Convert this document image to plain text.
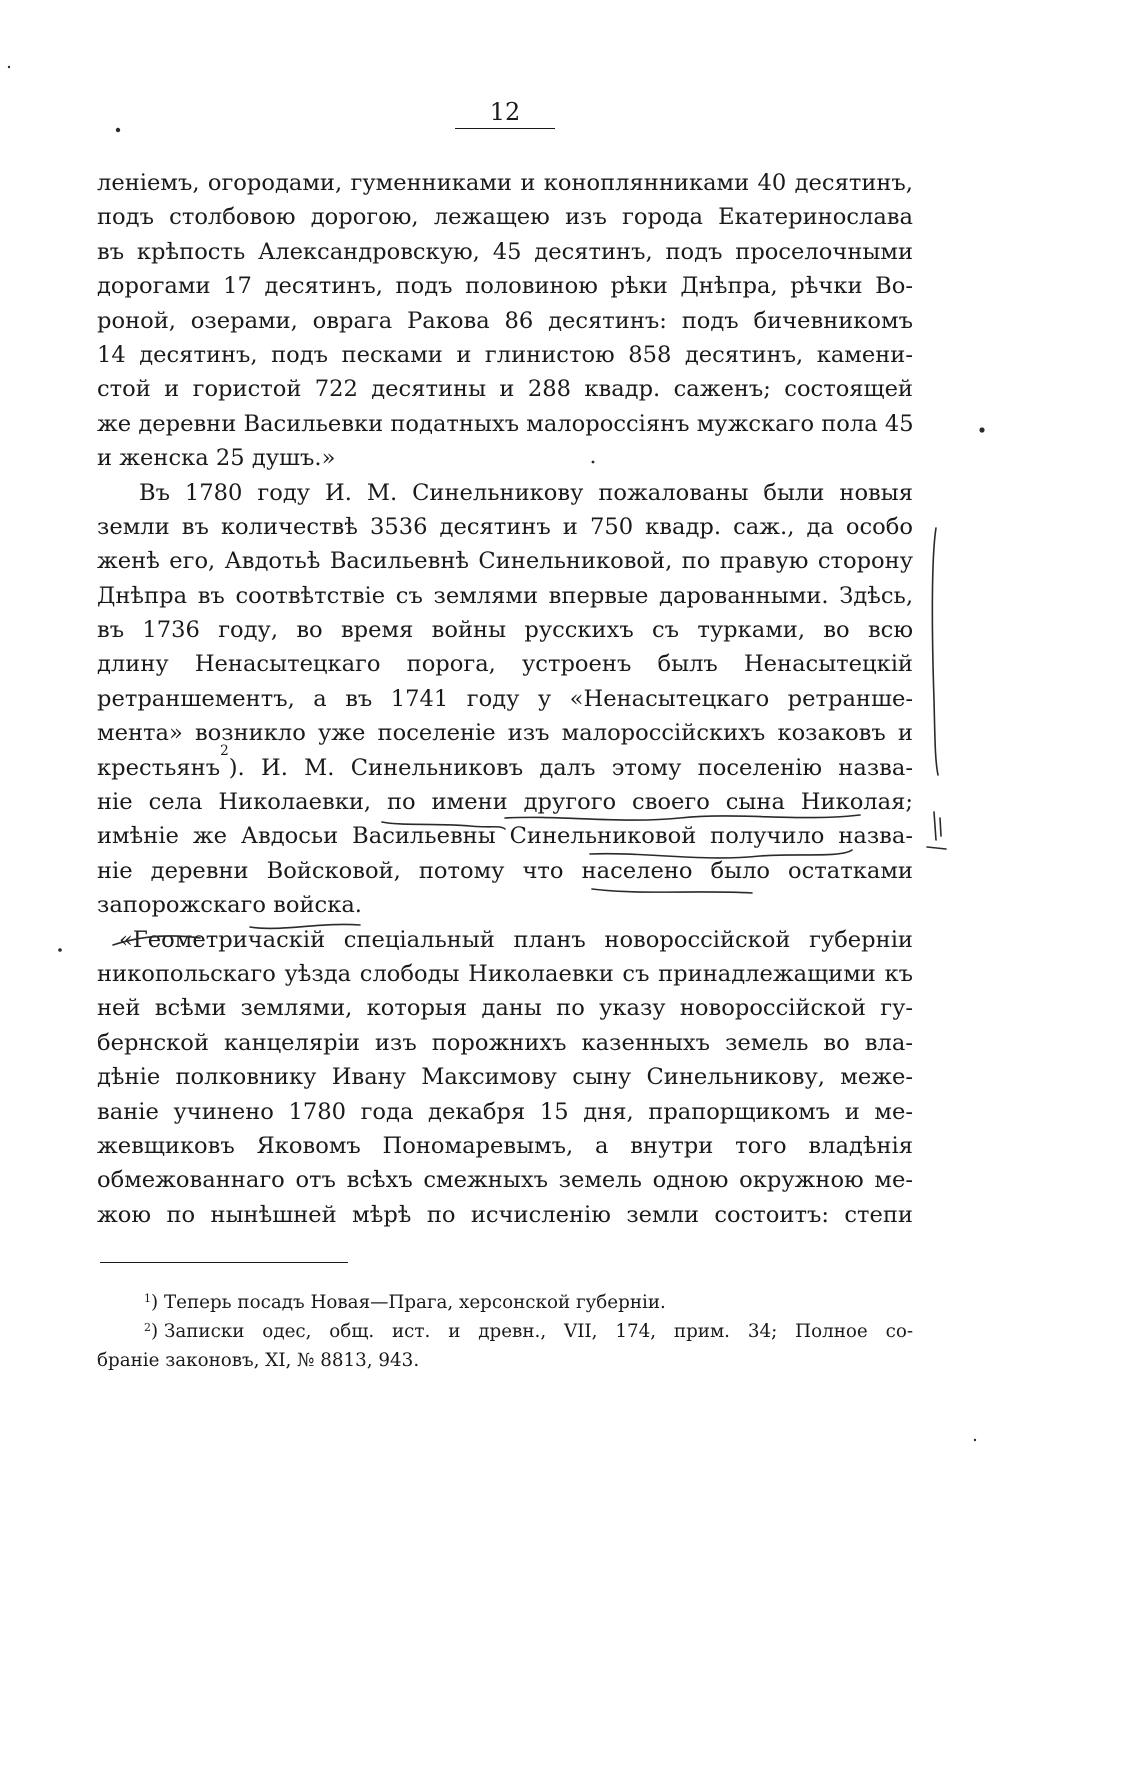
12
леніемъ, огородами, гуменниками и коноплянниками 40 десятинъ,
подъ столбовою дорогою, лежащею изъ города Екатеринослава
въ крѣпость Александровскую, 45 десятинъ, подъ проселочными
дорогами 17 десятинъ, подъ половиною рѣки Днѣпра, рѣчки Во-
роной, озерами, оврага Ракова 86 десятинъ: подъ бичевникомъ
14 десятинъ, подъ песками и глинистою 858 десятинъ, камени-
стой и гористой 722 десятины и 288 квадр. саженъ; состоящей
же деревни Васильевки податныхъ малороссіянъ мужскаго пола 45
и женска 25 душъ.»
Въ 1780 году И. М. Синельникову пожалованы были новыя
земли въ количествѣ 3536 десятинъ и 750 квадр. саж., да особо
женѣ его, Авдотьѣ Васильевнѣ Синельниковой, по правую сторону
Днѣпра въ соотвѣтствіе съ землями впервые дарованными. Здѣсь,
въ 1736 году, во время войны русскихъ съ турками, во всю
длину Ненасытецкаго порога, устроенъ былъ Ненасытецкій
ретраншементъ, а въ 1741 году у «Ненасытецкаго ретранше-
мента» возникло уже поселеніе изъ малороссійскихъ козаковъ и
крестьянъ
2
). И. М. Синельниковъ далъ этому поселенію назва-
ніе села Николаевки, по имени другого своего сына Николая;
имѣніе же Авдосьи Васильевны Синельниковой получило назва-
ніе деревни Войсковой, потому что населено было остатками
запорожскаго войска.
«Геометричаскій спеціальный планъ новороссійской губерніи
никопольскаго уѣзда слободы Николаевки съ принадлежащими къ
ней всѣми землями, которыя даны по указу новороссійской гу-
бернской канцеляріи изъ порожнихъ казенныхъ земель во вла-
дѣніе полковнику Ивану Максимову сыну Синельникову, меже-
ваніе учинено 1780 года декабря 15 дня, прапорщикомъ и ме-
жевщиковъ Яковомъ Пономаревымъ, а внутри того владѣнія
обмежованнаго отъ всѣхъ смежныхъ земель одною окружною ме-
жою по нынѣшней мѣрѣ по исчисленію земли состоитъ: степи
$^1$) Теперь посадъ Новая—Прага, херсонской губерніи.
$^2$) Записки одес, общ. ист. и древн., VII, 174, прим. 34; Полное со-
браніе законовъ, XI, № 8813, 943.
